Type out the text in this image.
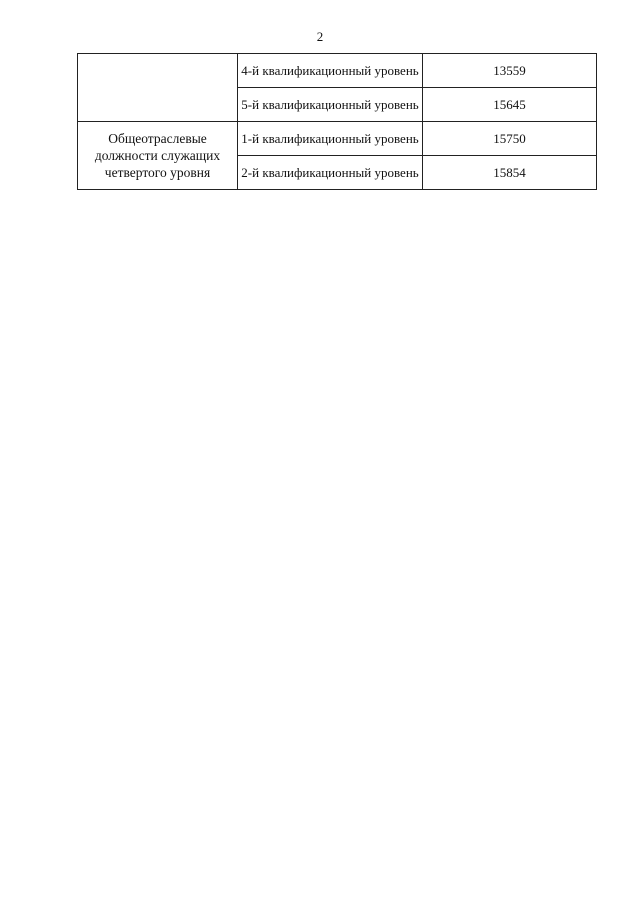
2
	4-й квалификационный уровень	13559
	5-й квалификационный уровень	15645
Общеотраслевые должности служащих четвертого уровня	1-й квалификационный уровень	15750
	2-й квалификационный уровень	15854
